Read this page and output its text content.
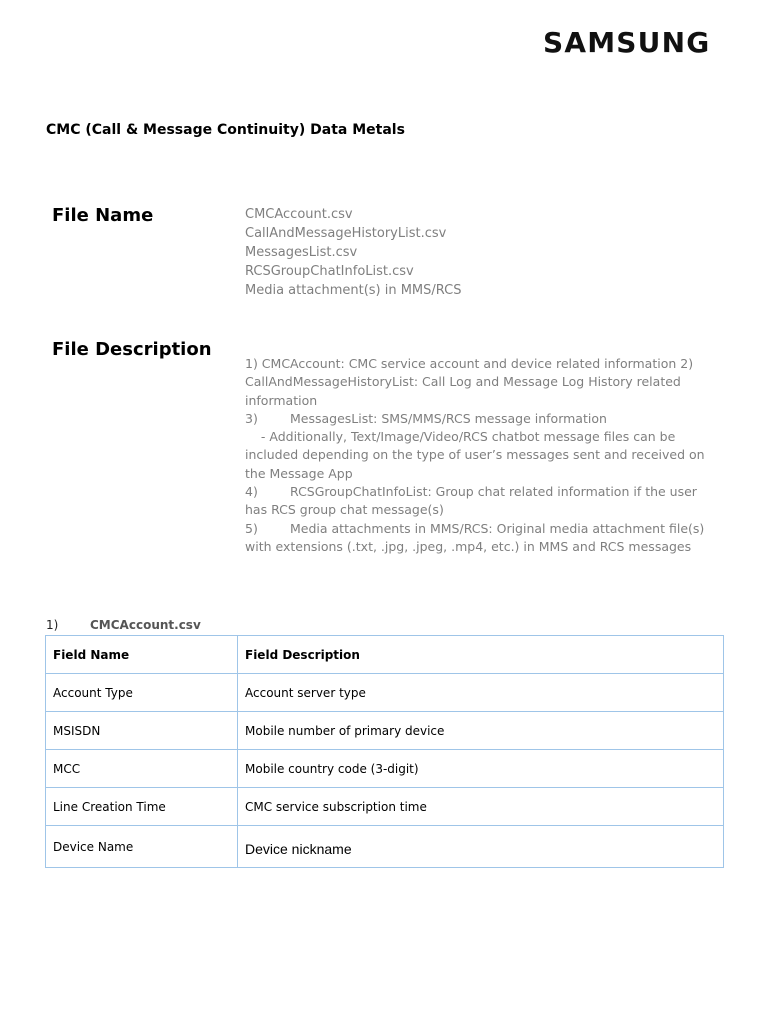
SAMSUNG
CMC (Call & Message Continuity) Data Metals
File Name	CMCAccount.csv
CallAndMessageHistoryList.csv
MessagesList.csv
RCSGroupChatInfoList.csv
Media attachment(s) in MMS/RCS
File Description
1) CMCAccount: CMC service account and device related information 2)
CallAndMessageHistoryList: Call Log and Message Log History related
information
3)	MessagesList: SMS/MMS/RCS message information
- Additionally, Text/Image/Video/RCS chatbot message files can be
included depending on the type of user’s messages sent and received on
the Message App
4)	RCSGroupChatInfoList: Group chat related information if the user
has RCS group chat message(s)
5)	Media attachments in MMS/RCS: Original media attachment file(s)
with extensions (.txt, .jpg, .jpeg, .mp4, etc.) in MMS and RCS messages
1)	CMCAccount.csv
Field Name	Field Description
Account Type	Account server type
MSISDN	Mobile number of primary device
MCC	Mobile country code (3-digit)
Line Creation Time	CMC service subscription time
Device Name	Device nickname
